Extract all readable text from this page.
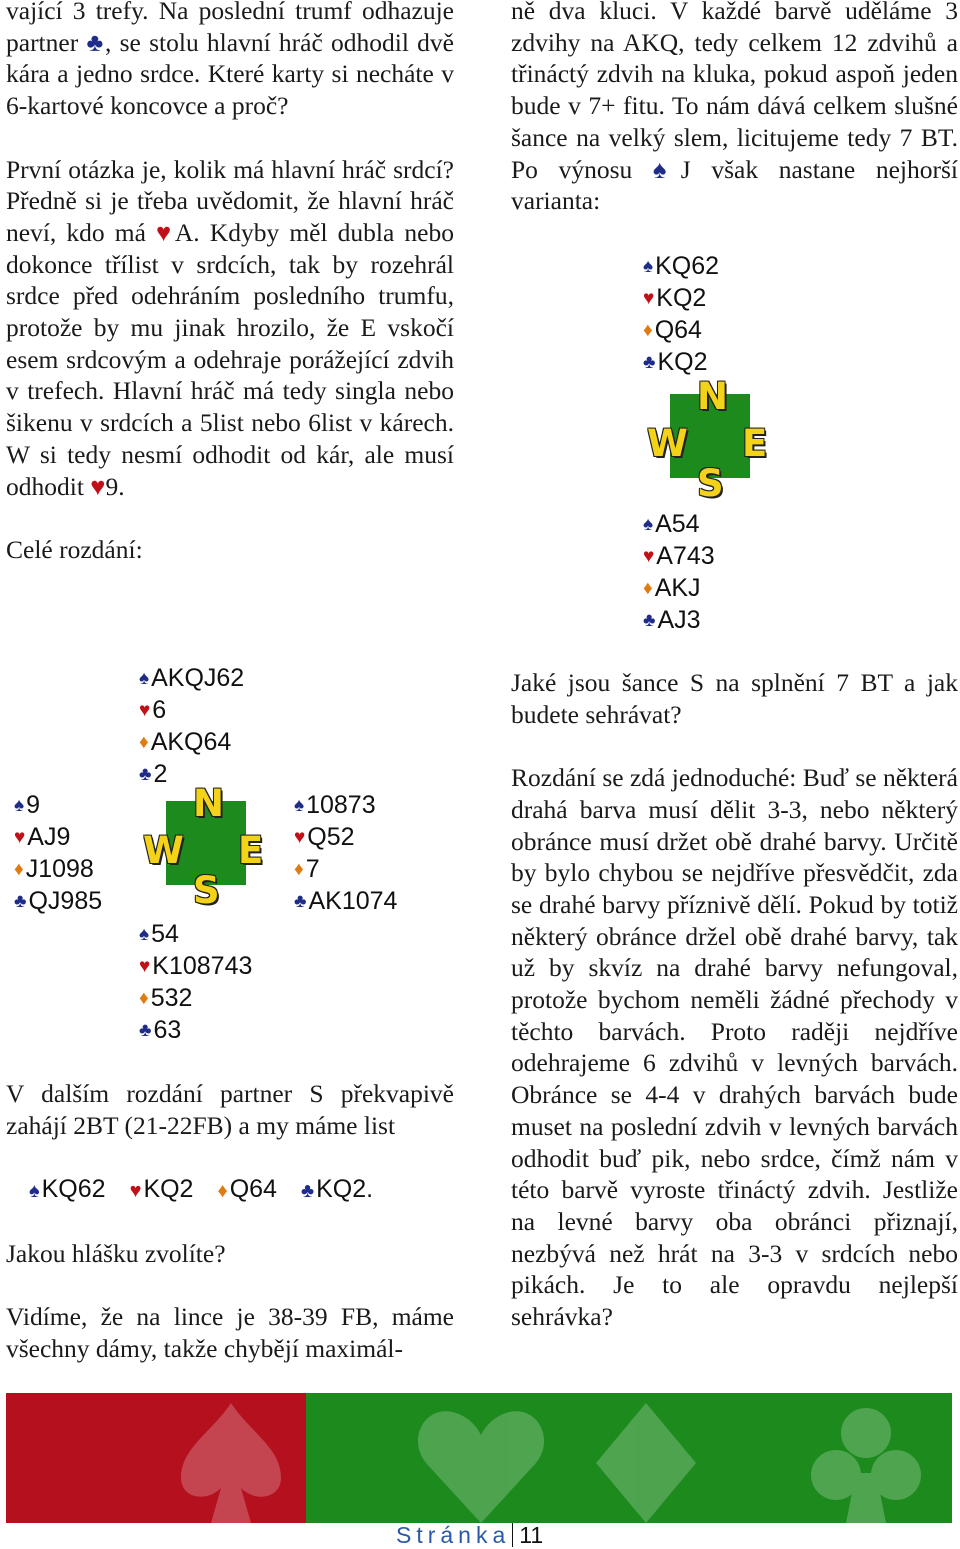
vající 3 trefy. Na poslední trumf odhazuje partner ♣, se stolu hlavní hráč odhodil dvě kára a jedno srdce. Které karty si necháte v 6-kartové koncovce a proč?

První otázka je, kolik má hlavní hráč srdcí? Předně si je třeba uvědomit, že hlavní hráč neví, kdo má ♥A. Kdyby měl dubla nebo dokonce třílist v srdcích, tak by rozehrál srdce před odehráním posledního trumfu, protože by mu jinak hrozilo, že E vskočí esem srdcovým a odehraje porážející zdvih v trefech. Hlavní hráč má tedy singla nebo šikenu v srdcích a 5list nebo 6list v kárech. W si tedy nesmí odhodit od kár, ale musí odhodit ♥9.

Celé rozdání:

♠AKQJ62
♥6
♦AKQ64
♣2
♠9
♥AJ9
♦J1098
♣QJ985
N
W E
S
♠10873
♥Q52
♦7
♣AK1074
♠54
♥K108743
♦532
♣63

V dalším rozdání partner S překvapivě zahájí 2BT (21-22FB) a my máme list

♠KQ62 ♥KQ2 ♦Q64 ♣KQ2.

Jakou hlášku zvolíte?

Vidíme, že na lince je 38-39 FB, máme všechny dámy, takže chybějí maximál-

ně dva kluci. V každé barvě uděláme 3 zdvihy na AKQ, tedy celkem 12 zdvihů a třináctý zdvih na kluka, pokud aspoň jeden bude v 7+ fitu. To nám dává celkem slušné šance na velký slem, licitujeme tedy 7 BT. Po výnosu ♠J však nastane nejhorší varianta:

♠KQ62
♥KQ2
♦Q64
♣KQ2
N
W E
S
♠A54
♥A743
♦AKJ
♣AJ3

Jaké jsou šance S na splnění 7 BT a jak budete sehrávat?

Rozdání se zdá jednoduché: Buď se některá drahá barva musí dělit 3-3, nebo některý obránce musí držet obě drahé barvy. Určitě by bylo chybou se nejdříve přesvědčit, zda se drahé barvy příznivě dělí. Pokud by totiž některý obránce držel obě drahé barvy, tak už by skvíz na drahé barvy nefungoval, protože bychom neměli žádné přechody v těchto barvách. Proto raději nejdříve odehrajeme 6 zdvihů v levných barvách. Obránce se 4-4 v drahých barvách bude muset na poslední zdvih v levných barvách odhodit buď pik, nebo srdce, čímž nám v této barvě vyroste třináctý zdvih. Jestliže na levné barvy oba obránci přiznají, nezbývá než hrát na 3-3 v srdcích nebo pikách. Je to ale opravdu nejlepší sehrávka?

Stránka 11
